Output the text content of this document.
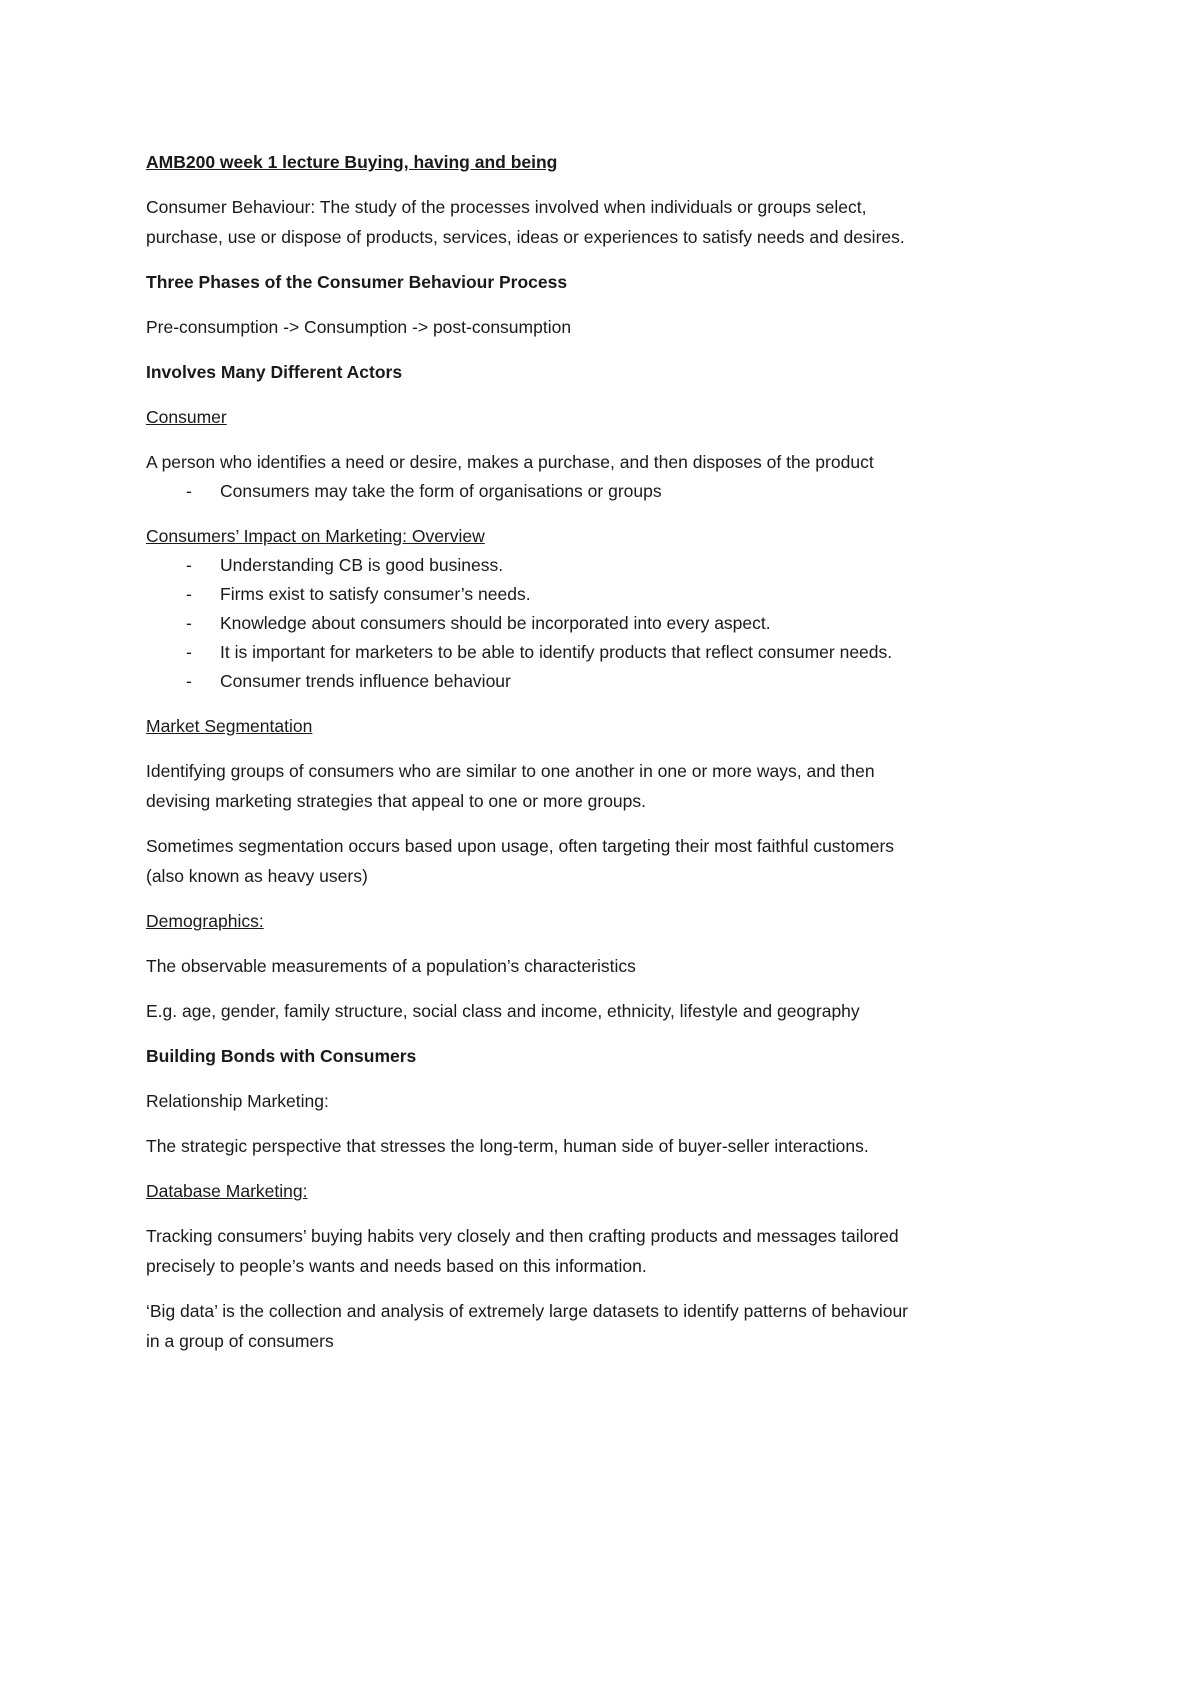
AMB200 week 1 lecture Buying, having and being

Consumer Behaviour: The study of the processes involved when individuals or groups select,

purchase, use or dispose of products, services, ideas or experiences to satisfy needs and desires.

Three Phases of the Consumer Behaviour Process

Pre-consumption -> Consumption -> post-consumption

Involves Many Different Actors

Consumer

A person who identifies a need or desire, makes a purchase, and then disposes of the product

- Consumers may take the form of organisations or groups

Consumers’ Impact on Marketing: Overview

- Understanding CB is good business.
- Firms exist to satisfy consumer’s needs.
- Knowledge about consumers should be incorporated into every aspect.
- It is important for marketers to be able to identify products that reflect consumer needs.
- Consumer trends influence behaviour

Market Segmentation

Identifying groups of consumers who are similar to one another in one or more ways, and then

devising marketing strategies that appeal to one or more groups.

Sometimes segmentation occurs based upon usage, often targeting their most faithful customers

(also known as heavy users)

Demographics:

The observable measurements of a population’s characteristics

E.g. age, gender, family structure, social class and income, ethnicity, lifestyle and geography

Building Bonds with Consumers

Relationship Marketing:

The strategic perspective that stresses the long-term, human side of buyer-seller interactions.

Database Marketing:

Tracking consumers’ buying habits very closely and then crafting products and messages tailored

precisely to people’s wants and needs based on this information.

‘Big data’ is the collection and analysis of extremely large datasets to identify patterns of behaviour

in a group of consumers
